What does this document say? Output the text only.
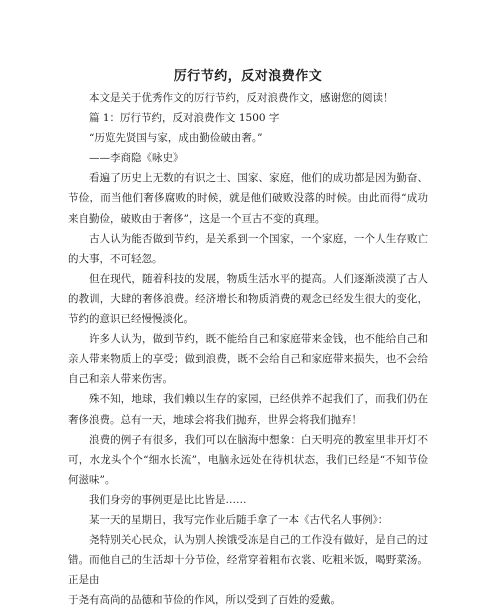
厉行节约，反对浪费作文

本文是关于优秀作文的厉行节约，反对浪费作文，感谢您的阅读！

篇 1：厉行节约，反对浪费作文 1500 字

“历览先贤国与家，成由勤俭破由奢。”

——李商隐《咏史》

看遍了历史上无数的有识之士、国家、家庭，他们的成功都是因为勤奋、节俭，而当他们奢侈腐败的时候，就是他们破败没落的时候。由此而得“成功来自勤俭，破败由于奢侈”，这是一个亘古不变的真理。

古人认为能否做到节约，是关系到一个国家，一个家庭，一个人生存败亡的大事，不可轻忽。

但在现代，随着科技的发展，物质生活水平的提高。人们逐渐淡漠了古人的教训，大肆的奢侈浪费。经济增长和物质消费的观念已经发生很大的变化，节约的意识已经慢慢淡化。

许多人认为，做到节约，既不能给自己和家庭带来金钱，也不能给自己和亲人带来物质上的享受；做到浪费，既不会给自己和家庭带来损失，也不会给自己和亲人带来伤害。

殊不知，地球，我们赖以生存的家园，已经供养不起我们了，而我们仍在奢侈浪费。总有一天，地球会将我们抛弃，世界会将我们抛弃！

浪费的例子有很多，我们可以在脑海中想象：白天明亮的教室里非开灯不可，水龙头个个“细水长流”，电脑永远处在待机状态，我们已经是“不知节俭何滋味”。

我们身旁的事例更是比比皆是……

某一天的星期日，我写完作业后随手拿了一本《古代名人事例》：

尧特别关心民众，认为别人挨饿受冻是自己的工作没有做好，是自己的过错。而他自己的生活却十分节俭，经常穿着粗布衣裳、吃粗米饭，喝野菜汤。正是由

于尧有高尚的品德和节俭的作风，所以受到了百姓的爱戴。
